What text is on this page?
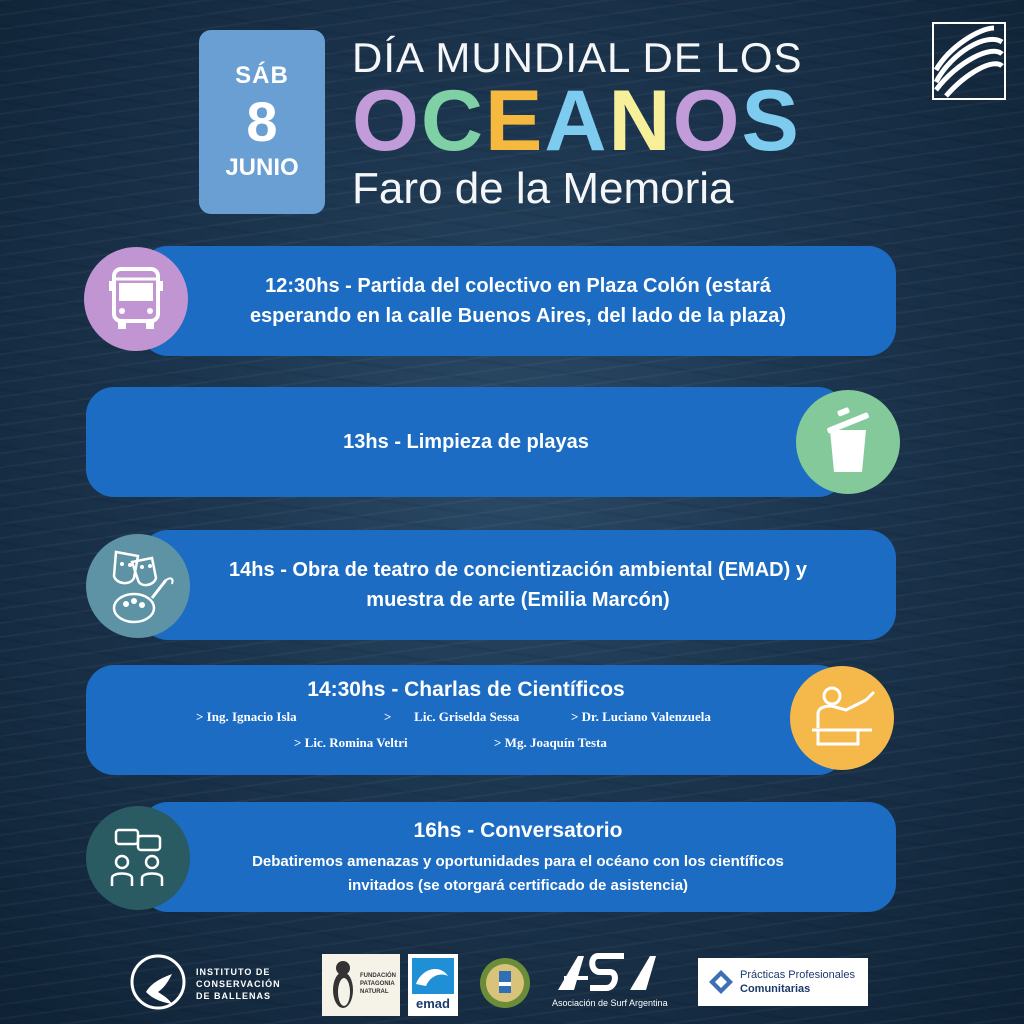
SÁB
8
JUNIO
DÍA MUNDIAL DE LOS
OCEANOS
Faro de la Memoria
12:30hs - Partida del colectivo en Plaza Colón (estará esperando en la calle Buenos Aires, del lado de la plaza)
13hs - Limpieza de playas
14hs - Obra de teatro de concientización ambiental (EMAD) y muestra de arte (Emilia Marcón)
14:30hs - Charlas de Científicos
> Ing. Ignacio Isla	>       Lic. Griselda Sessa	> Dr. Luciano Valenzuela
> Lic. Romina Veltri	> Mg. Joaquín Testa
16hs - Conversatorio
Debatiremos amenazas y oportunidades para el océano con los científicos invitados (se otorgará certificado de asistencia)
INSTITUTO DE
CONSERVACIÓN
DE BALLENAS
FUNDACIÓN
PATAGONIA
NATURAL
emad	Asociación de Surf Argentina
Prácticas Profesionales
Comunitarias
